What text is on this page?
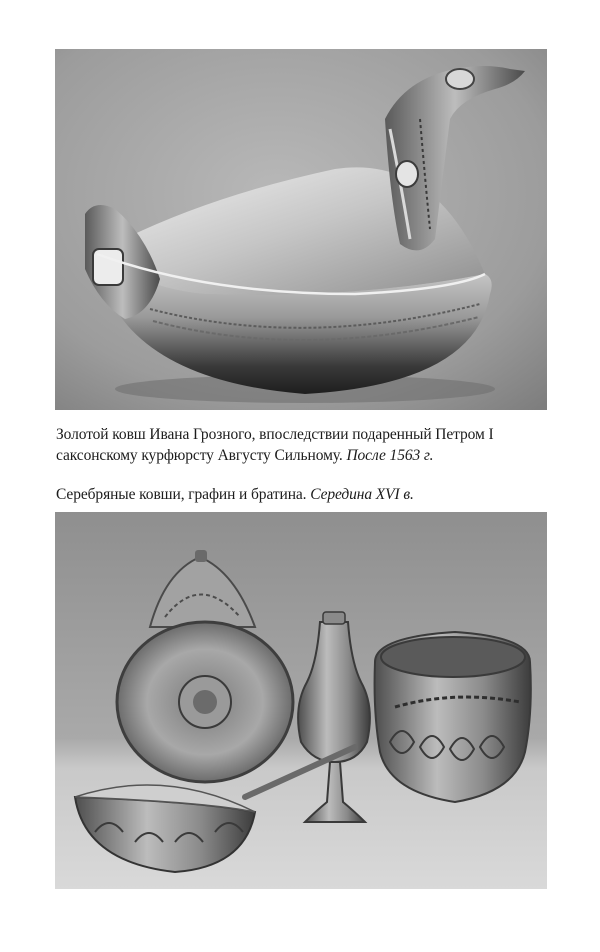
Золотой ковш Ивана Грозного, впоследствии подаренный Петром I
саксонскому курфюрсту Августу Сильному. После 1563 г.
Серебряные ковши, графин и братина. Середина XVI в.
